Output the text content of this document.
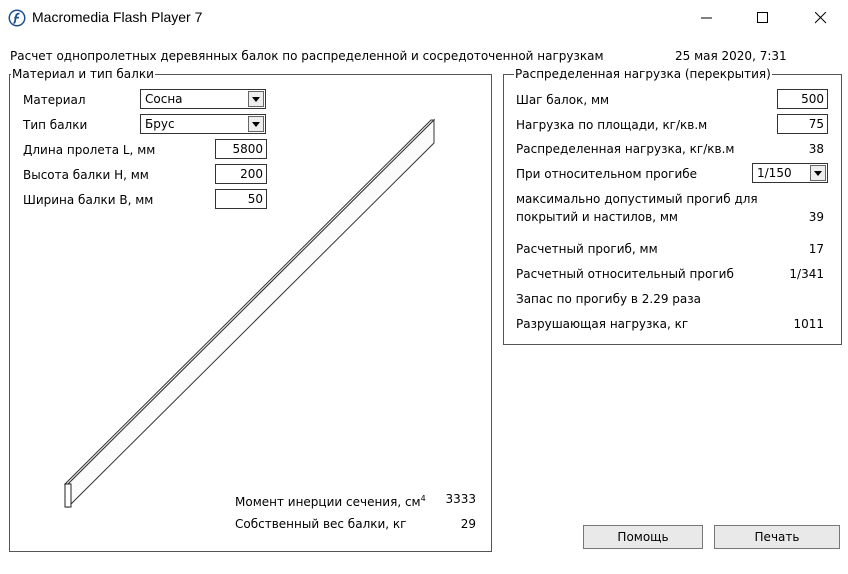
Macromedia Flash Player 7
Расчет однопролетных деревянных балок по распределенной и сосредоточенной нагрузкам	25 мая 2020, 7:31
Материал и тип балки
Материал	Сосна
Тип балки	Брус
Длина пролета L, мм	5800
Высота балки H, мм	200
Ширина балки B, мм	50
Момент инерции сечения, $см^4$	3333
Собственный вес балки, кг	29
Распределенная нагрузка (перекрытия)
Шаг балок, мм	500
Нагрузка по площади, кг/кв.м	75
Распределенная нагрузка, кг/кв.м	38
При относительном прогибе	1/150
максимально допустимый прогиб для
покрытий и настилов, мм	39
Расчетный прогиб, мм	17
Расчетный относительный прогиб	1/341
Запас по прогибу в 2.29 раза
Разрушающая нагрузка, кг	1011
Помощь	Печать
